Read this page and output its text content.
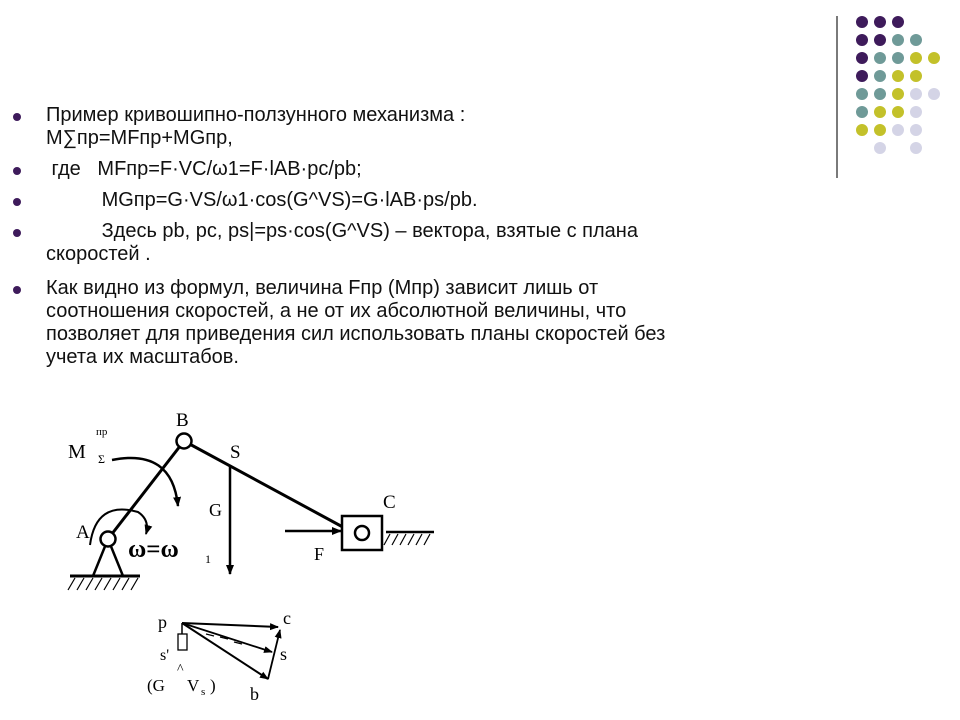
Пример кривошипно-ползунного механизма :
М∑пр=МFпр+МGпр,
где   МFпр=F·VC/ω1=F·lAB·pc/pb;
МGпр=G·VS/ω1·cos(G^VS)=G·lAB·ps/pb.
Здесь pb, pc, ps|=ps·cos(G^VS) – вектора, взятые с плана
скоростей .
Как видно из формул, величина Fпр (Mпр) зависит лишь от
соотношения скоростей, а не от их абсолютной величины, что
позволяет для приведения сил использовать планы скоростей без
учета их масштабов.
M
пр
Σ
A
B
S
C
G
F
ω=ω 1
p	c
s
b
s'
^
(G V s )
